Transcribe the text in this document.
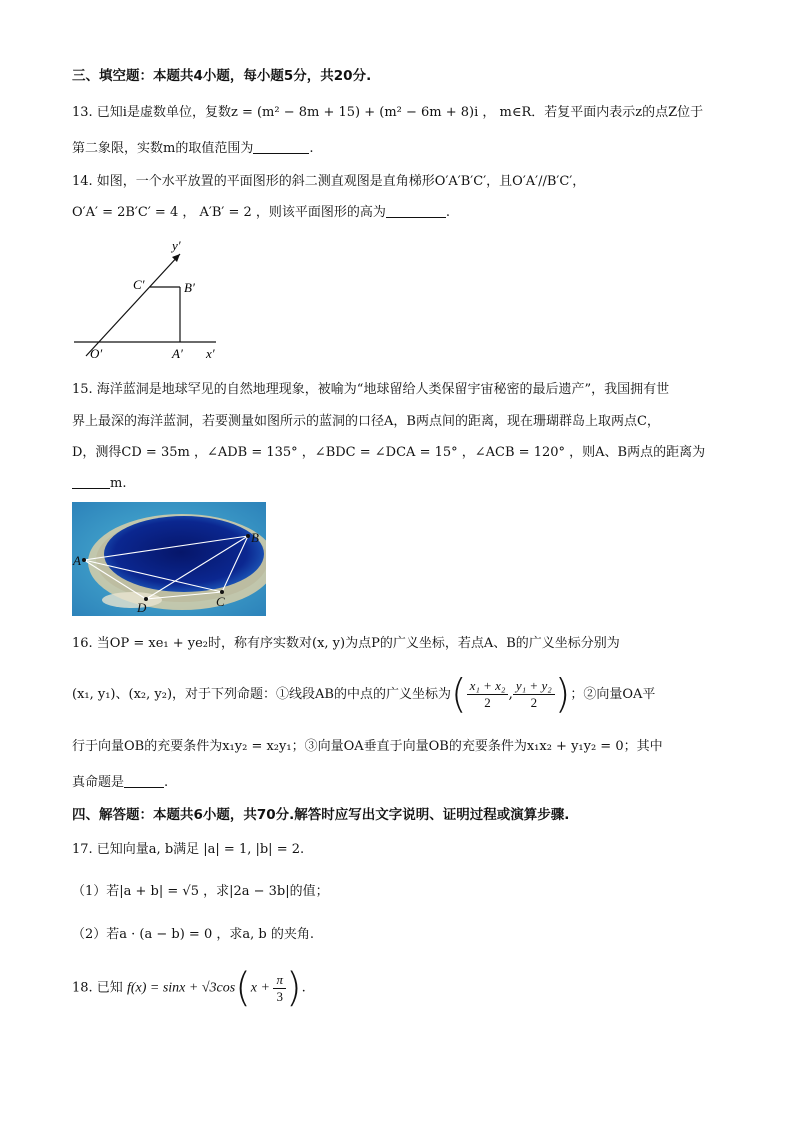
三、填空题：本题共4小题，每小题5分，共20分.
13. 已知i是虚数单位，复数z = (m² − 8m + 15) + (m² − 6m + 8)i ， m∈R．若复平面内表示z的点Z位于
第二象限，实数m的取值范围为	.
14. 如图，一个水平放置的平面图形的斜二测直观图是直角梯形O′A′B′C′，且O′A′//B′C′，
O′A′ = 2B′C′ = 4 ， A′B′ = 2 ，则该平面图形的高为	.
y′
x′
O′	A′
B′
C′
15. 海洋蓝洞是地球罕见的自然地理现象，被喻为“地球留给人类保留宇宙秘密的最后遗产”，我国拥有世
界上最深的海洋蓝洞，若要测量如图所示的蓝洞的口径A，B两点间的距离，现在珊瑚群岛上取两点C，
D，测得CD = 35m ，∠ADB = 135° ，∠BDC = ∠DCA = 15° ，∠ACB = 120° ，则A、B两点的距离为
m.
A
B
C
D
16. 当OP = xe₁ + ye₂时，称有序实数对(x, y)为点P的广义坐标，若点A、B的广义坐标分别为
(x₁, y₁)、(x₂, y₂)，对于下列命题：①线段AB的中点的广义坐标为( $\frac{\text{x₁ + x₂}}{2}$ , $\frac{\text{y₁ + y₂}}{2}$ )；②向量OA平
行于向量OB的充要条件为x₁y₂ = x₂y₁；③向量OA垂直于向量OB的充要条件为x₁x₂ + y₁y₂ = 0；其中
真命题是	.
四、解答题：本题共6小题，共70分.解答时应写出文字说明、证明过程或演算步骤.
17. 已知向量a, b满足 |a| = 1, |b| = 2.
（1）若|a + b| = √5 ，求|2a − 3b|的值；
（2）若a · (a − b) = 0 ，求a, b 的夹角.
18. 已知 $f(x) = \sin x + √3\cos(x + \frac{\pi}{3}$ ).
